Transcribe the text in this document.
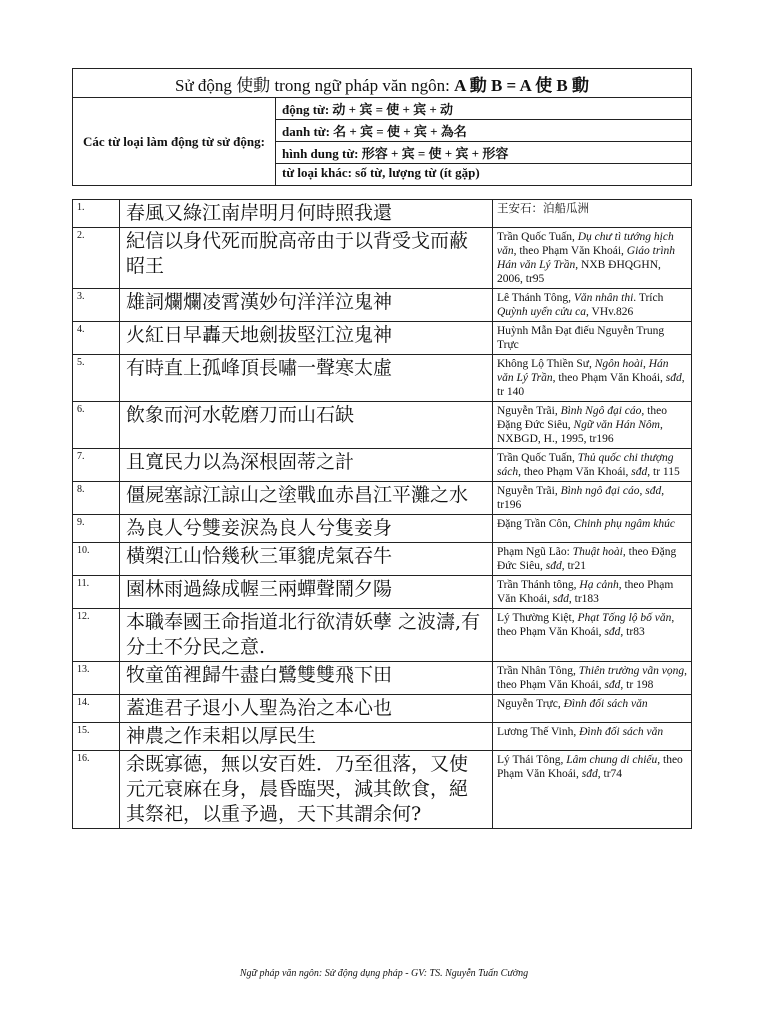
Sử động 使動 trong ngữ pháp văn ngôn: A 動 B = A 使 B 動
Các từ loại làm động từ sử động:	động từ: 动 + 宾 = 使 + 宾 + 动
danh từ: 名 + 宾 = 使 + 宾 + 為名
hình dung từ: 形容 + 宾 = 使 + 宾 + 形容
từ loại khác: số từ, lượng từ (ít gặp)
1.	春風又綠江南岸明月何時照我還	王安石：泊船瓜洲
2.	紀信以身代死而脫高帝由于以背受戈而蔽昭王	Trần Quốc Tuấn, Dụ chư tì tướng hịch văn, theo Phạm Văn Khoái, Giáo trình Hán văn Lý Trần, NXB ĐHQGHN, 2006, tr95
3.	雄詞爛爛凌霄漢妙句洋洋泣鬼神	Lê Thánh Tông, Văn nhân thi. Trích Quỳnh uyển cửu ca, VHv.826
4.	火紅日早轟天地劍拔堅江泣鬼神	Huỳnh Mẫn Đạt điếu Nguyễn Trung Trực
5.	有時直上孤峰頂長嘯一聲寒太虛	Không Lộ Thiền Sư, Ngôn hoài, Hán văn Lý Trần, theo Phạm Văn Khoái, sđd, tr 140
6.	飲象而河水乾磨刀而山石缺	Nguyễn Trãi, Bình Ngô đại cáo, theo Đặng Đức Siêu, Ngữ văn Hán Nôm, NXBGD, H., 1995, tr196
7.	且寬民力以為深根固蒂之計	Trần Quốc Tuấn, Thủ quốc chi thượng sách, theo Phạm Văn Khoái, sđd, tr 115
8.	僵屍塞諒江諒山之塗戰血赤昌江平灘之水	Nguyễn Trãi, Bình ngô đại cáo, sđd, tr196
9.	為良人兮雙妾淚為良人兮隻妾身	Đặng Trần Côn, Chinh phụ ngâm khúc
10.	橫槊江山恰幾秋三軍貔虎氣吞牛	Phạm Ngũ Lão: Thuật hoài, theo Đặng Đức Siêu, sđd, tr21
11.	園林雨過綠成幄三兩蟬聲鬧夕陽	Trần Thánh tông, Hạ cảnh, theo Phạm Văn Khoái, sđd, tr183
12.	本職奉國王命指道北行欲清妖孽 之波濤,有分土不分民之意.	Lý Thường Kiệt, Phạt Tống lộ bố văn, theo Phạm Văn Khoái, sđd, tr83
13.	牧童笛裡歸牛盡白鷺雙雙飛下田	Trần Nhân Tông, Thiên trường vãn vọng, theo Phạm Văn Khoái, sđd, tr 198
14.	蓋進君子退小人聖為治之本心也	Nguyễn Trực, Đình đối sách văn
15.	神農之作耒耜以厚民生	Lương Thế Vinh, Đình đối sách văn
16.	余既寡德，無以安百姓．乃至徂落，又使元元衰麻在身，晨昏臨哭，減其飲食，絕其祭祀，以重予過，天下其謂余何?	Lý Thái Tông, Lâm chung di chiếu, theo Phạm Văn Khoái, sđd, tr74
Ngữ pháp văn ngôn: Sử động dụng pháp - GV: TS. Nguyễn Tuấn Cường
